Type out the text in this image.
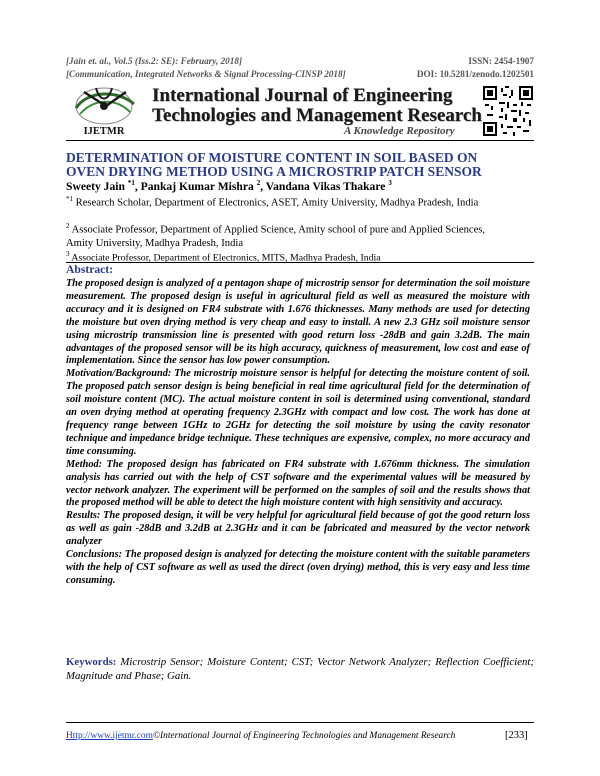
[Jain et. al., Vol.5 (Iss.2: SE): February, 2018]	ISSN: 2454-1907
[Communication, Integrated Networks & Signal Processing-CINSP 2018]	DOI: 10.5281/zenodo.1202501
IJETMR
International Journal of Engineering
Technologies and Management Research
A Knowledge Repository
DETERMINATION OF MOISTURE CONTENT IN SOIL BASED ON
OVEN DRYING METHOD USING A MICROSTRIP PATCH SENSOR
Sweety Jain $^{*1}$, Pankaj Kumar Mishra $^2$, Vandana Vikas Thakare $^3$
$^{*1}$ Research Scholar, Department of Electronics, ASET, Amity University, Madhya Pradesh, India
$^2$ Associate Professor, Department of Applied Science, Amity school of pure and Applied Sciences, Amity University, Madhya Pradesh, India
$^3$ Associate Professor, Department of Electronics, MITS, Madhya Pradesh, India
Abstract:
The proposed design is analyzed of a pentagon shape of microstrip sensor for determination the soil moisture measurement. The proposed design is useful in agricultural field as well as measured the moisture with accuracy and it is designed on FR4 substrate with 1.676 thicknesses. Many methods are used for detecting the moisture but oven drying method is very cheap and easy to install. A new 2.3 GHz soil moisture sensor using microstrip transmission line is presented with good return loss -28dB and gain 3.2dB. The main advantages of the proposed sensor will be its high accuracy, quickness of measurement, low cost and ease of implementation. Since the sensor has low power consumption.
Motivation/Background: The microstrip moisture sensor is helpful for detecting the moisture content of soil. The proposed patch sensor design is being beneficial in real time agricultural field for the determination of soil moisture content (MC). The actual moisture content in soil is determined using conventional, standard an oven drying method at operating frequency 2.3GHz with compact and low cost. The work has done at frequency range between 1GHz to 2GHz for detecting the soil moisture by using the cavity resonator technique and impedance bridge technique. These techniques are expensive, complex, no more accuracy and time consuming.
Method: The proposed design has fabricated on FR4 substrate with 1.676mm thickness. The simulation analysis has carried out with the help of CST software and the experimental values will be measured by vector network analyzer. The experiment will be performed on the samples of soil and the results shows that the proposed method will be able to detect the high moisture content with high sensitivity and accuracy.
Results: The proposed design, it will be very helpful for agricultural field because of got the good return loss as well as gain -28dB and 3.2dB at 2.3GHz and it can be fabricated and measured by the vector network analyzer
Conclusions: The proposed design is analyzed for detecting the moisture content with the suitable parameters with the help of CST software as well as used the direct (oven drying) method, this is very easy and less time consuming.
Keywords: Microstrip Sensor; Moisture Content; CST; Vector Network Analyzer; Reflection Coefficient; Magnitude and Phase; Gain.
Http://www.ijetmr.com©International Journal of Engineering Technologies and Management Research	[233]
